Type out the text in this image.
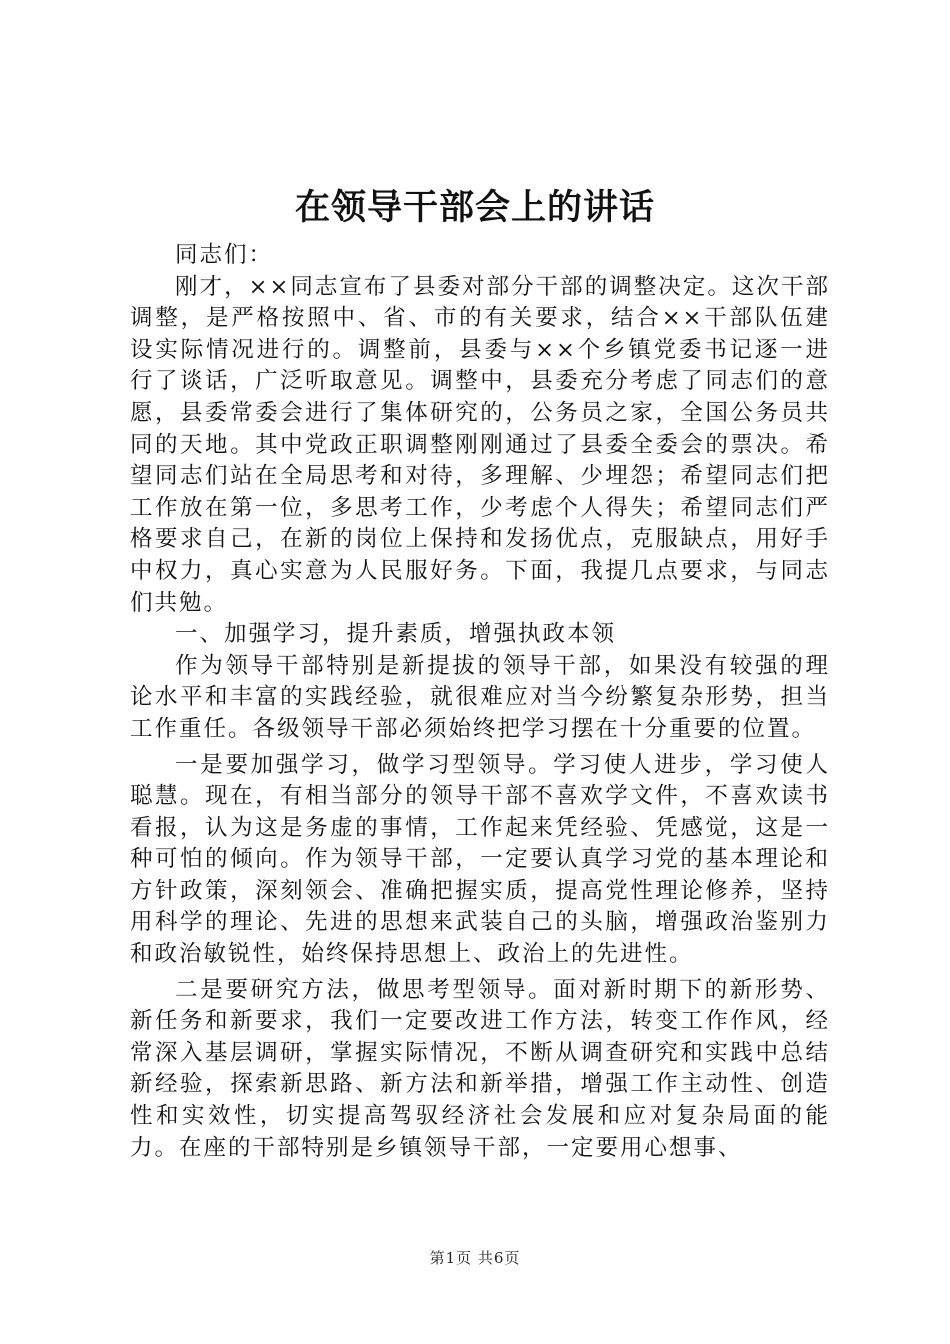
在领导干部会上的讲话

同志们：

刚才，××同志宣布了县委对部分干部的调整决定。这次干部调整，是严格按照中、省、市的有关要求，结合××干部队伍建设实际情况进行的。调整前，县委与××个乡镇党委书记逐一进行了谈话，广泛听取意见。调整中，县委充分考虑了同志们的意愿，县委常委会进行了集体研究的，公务员之家，全国公务员共同的天地。其中党政正职调整刚刚通过了县委全委会的票决。希望同志们站在全局思考和对待，多理解、少埋怨；希望同志们把工作放在第一位，多思考工作，少考虑个人得失；希望同志们严格要求自己，在新的岗位上保持和发扬优点，克服缺点，用好手中权力，真心实意为人民服好务。下面，我提几点要求，与同志们共勉。

一、加强学习，提升素质，增强执政本领

作为领导干部特别是新提拔的领导干部，如果没有较强的理论水平和丰富的实践经验，就很难应对当今纷繁复杂形势，担当工作重任。各级领导干部必须始终把学习摆在十分重要的位置。

一是要加强学习，做学习型领导。学习使人进步，学习使人聪慧。现在，有相当部分的领导干部不喜欢学文件，不喜欢读书看报，认为这是务虚的事情，工作起来凭经验、凭感觉，这是一种可怕的倾向。作为领导干部，一定要认真学习党的基本理论和方针政策，深刻领会、准确把握实质，提高党性理论修养，坚持用科学的理论、先进的思想来武装自己的头脑，增强政治鉴别力和政治敏锐性，始终保持思想上、政治上的先进性。

二是要研究方法，做思考型领导。面对新时期下的新形势、新任务和新要求，我们一定要改进工作方法，转变工作作风，经常深入基层调研，掌握实际情况，不断从调查研究和实践中总结新经验，探索新思路、新方法和新举措，增强工作主动性、创造性和实效性，切实提高驾驭经济社会发展和应对复杂局面的能力。在座的干部特别是乡镇领导干部，一定要用心想事、

第1页 共6页
